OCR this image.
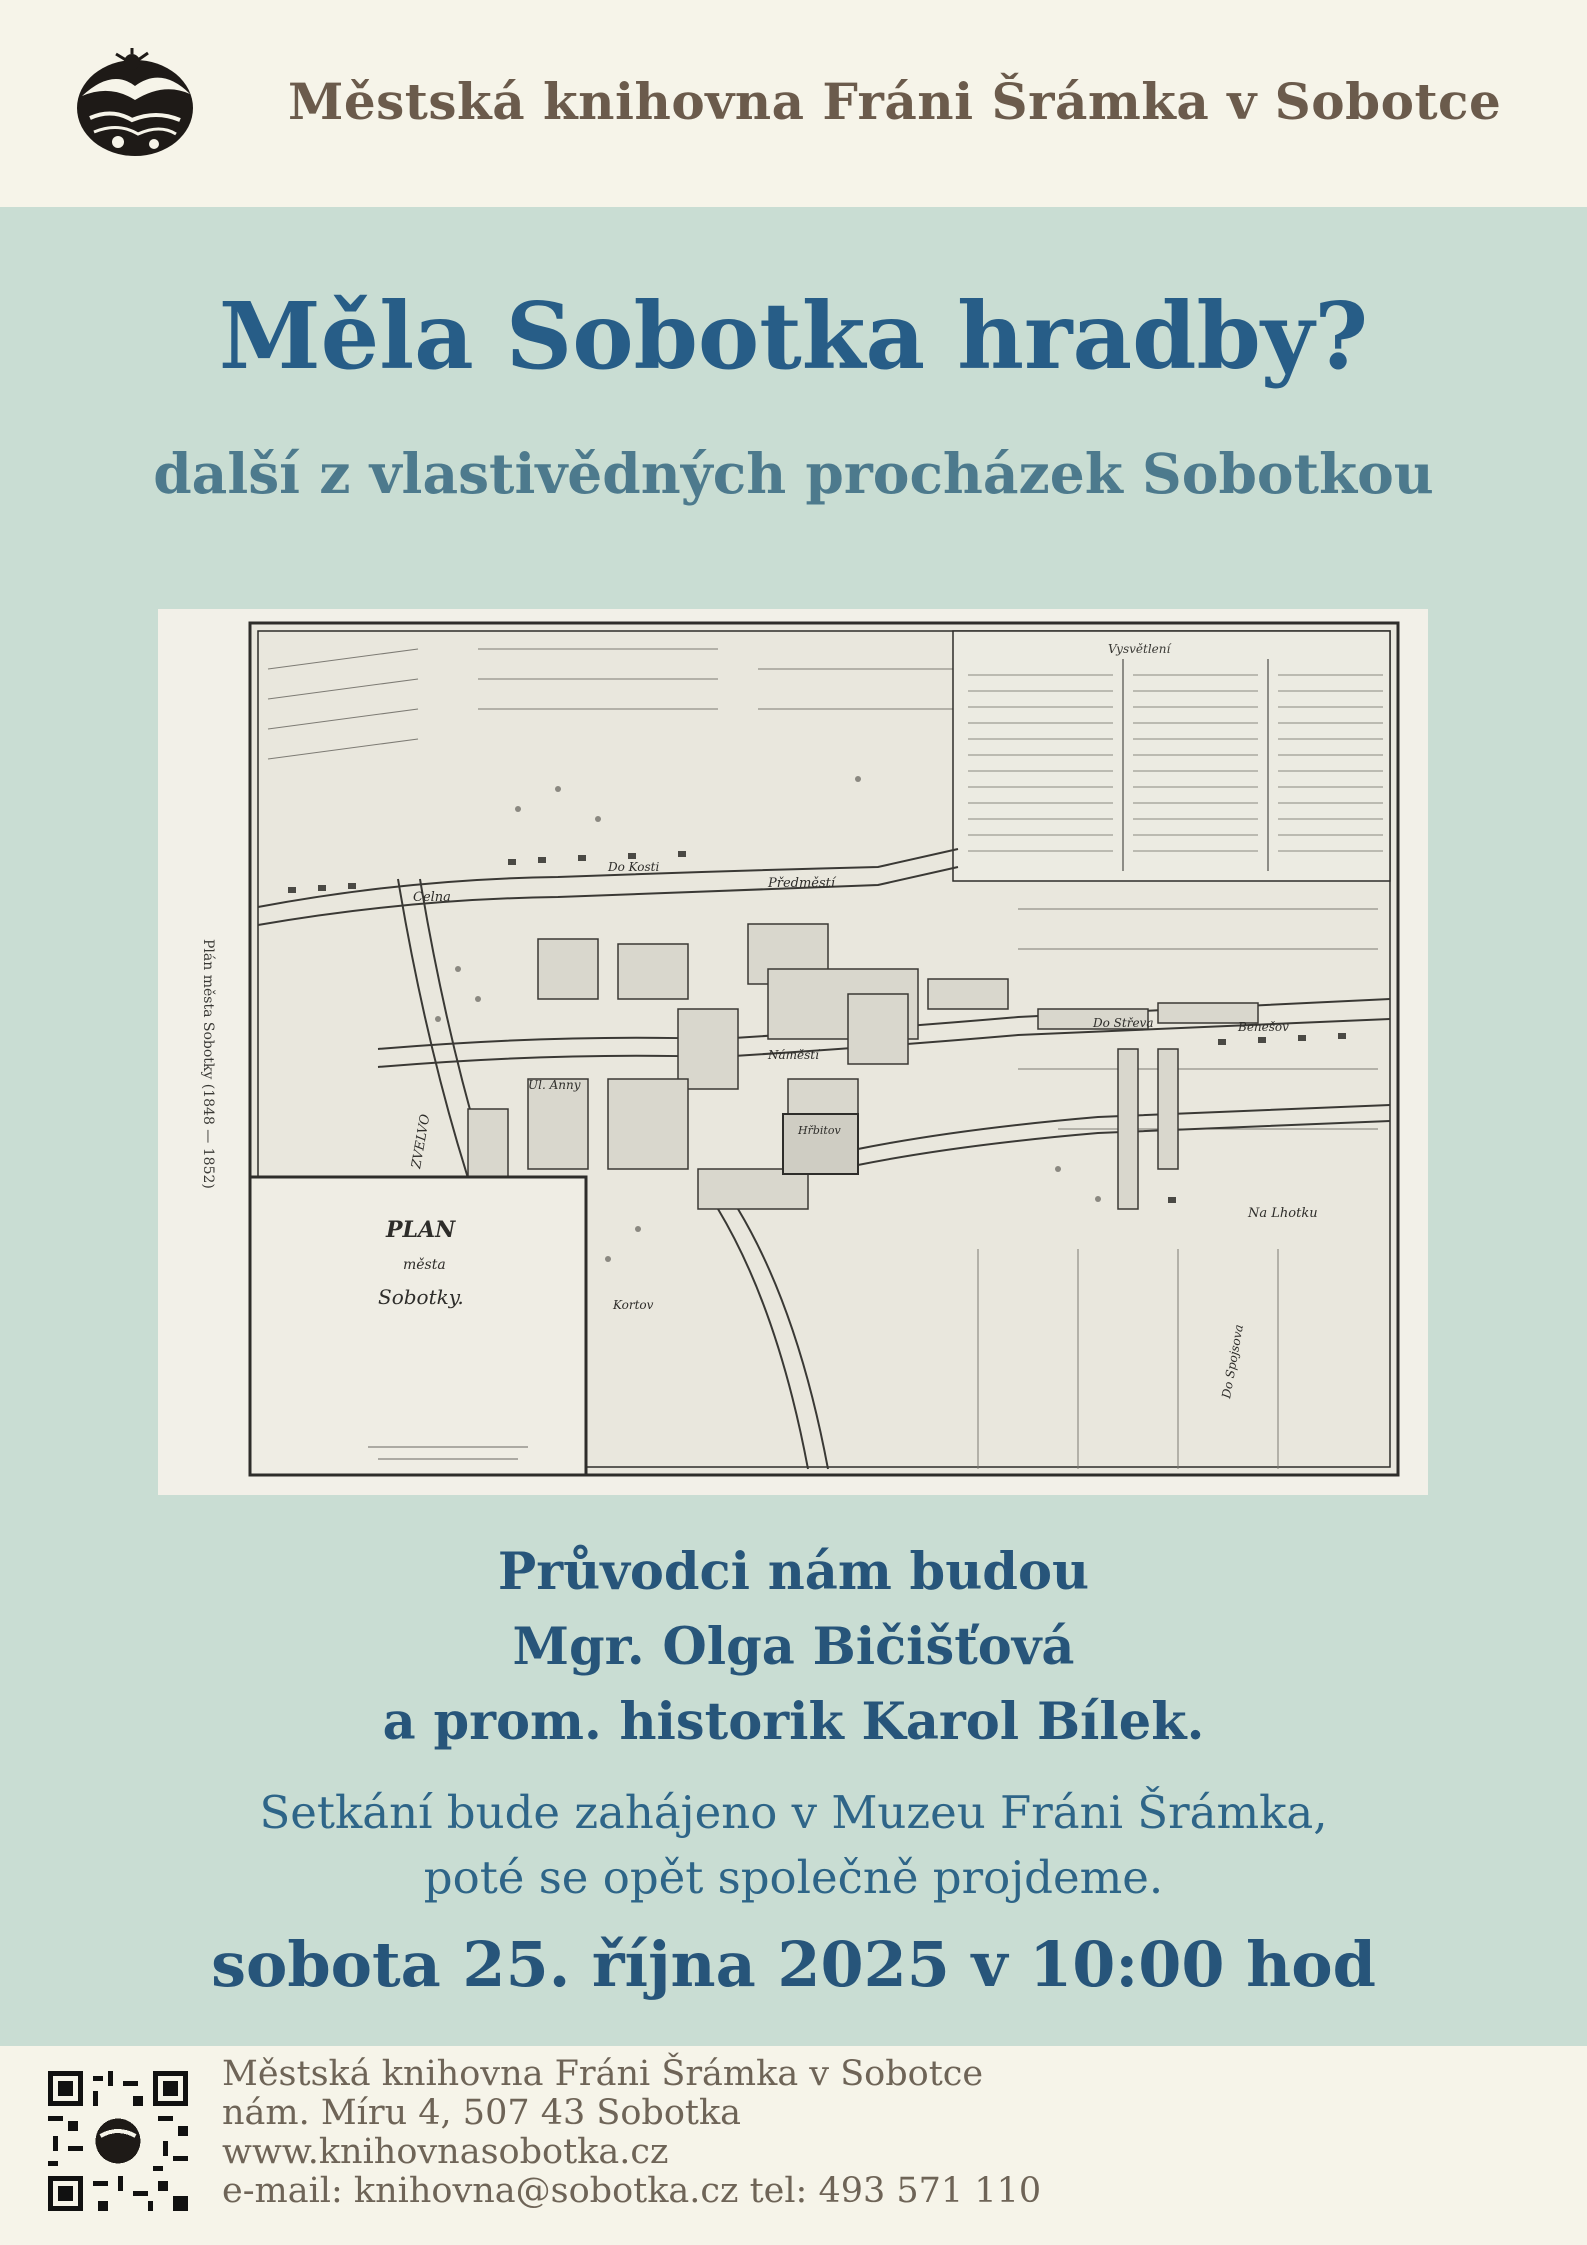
Městská knihovna Fráni Šrámka v Sobotce
Měla Sobotka hradby?
další z vlastivědných procházek Sobotkou
Plán města Sobotky (1848 — 1852)
Vysvětlení
Hřbitov
Do Kosti
Předměstí
Celna
Náměstí
Benešov
Do Střeva
Na Lhotku
Do Spojsova
Kortov
ZVELVO
Ul. Anny
PLAN
města
Sobotky.
Průvodci nám budou
Mgr. Olga Bičišťová
a prom. historik Karol Bílek.
Setkání bude zahájeno v Muzeu Fráni Šrámka,
poté se opět společně projdeme.
sobota 25. října 2025 v 10:00 hod
Městská knihovna Fráni Šrámka v Sobotce
nám. Míru 4, 507 43 Sobotka
www.knihovnasobotka.cz
e-mail: knihovna@sobotka.cz tel: 493 571 110
